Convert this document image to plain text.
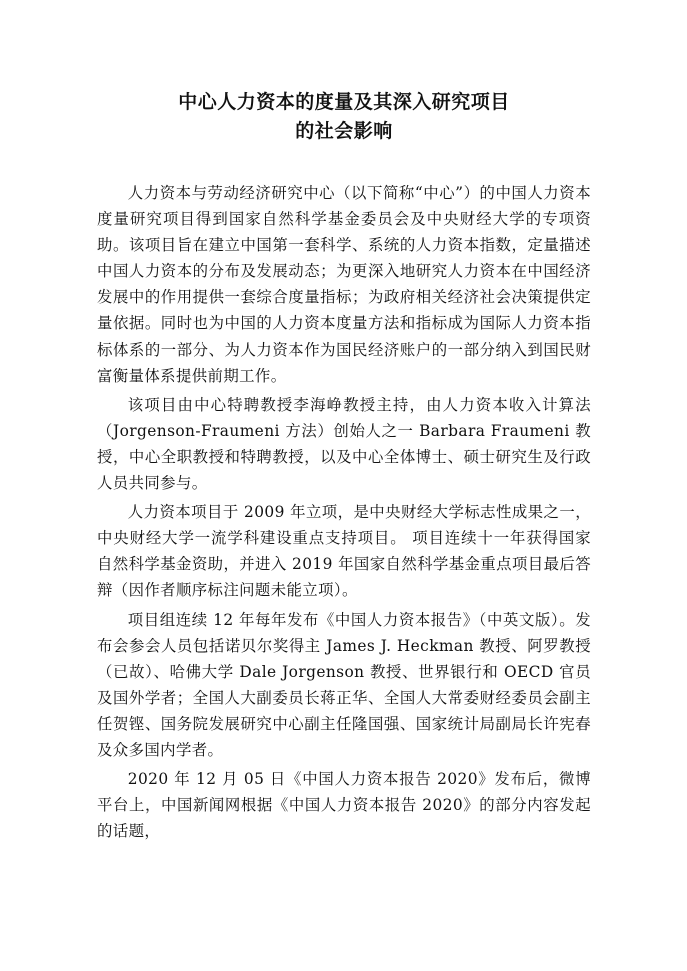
中心人力资本的度量及其深入研究项目
的社会影响

人力资本与劳动经济研究中心（以下简称“中心”）的中国人力资本度量研究项目得到国家自然科学基金委员会及中央财经大学的专项资助。该项目旨在建立中国第一套科学、系统的人力资本指数，定量描述中国人力资本的分布及发展动态；为更深入地研究人力资本在中国经济发展中的作用提供一套综合度量指标；为政府相关经济社会决策提供定量依据。同时也为中国的人力资本度量方法和指标成为国际人力资本指标体系的一部分、为人力资本作为国民经济账户的一部分纳入到国民财富衡量体系提供前期工作。

该项目由中心特聘教授李海峥教授主持，由人力资本收入计算法（Jorgenson-Fraumeni 方法）创始人之一 Barbara Fraumeni 教授，中心全职教授和特聘教授，以及中心全体博士、硕士研究生及行政人员共同参与。

人力资本项目于 2009 年立项，是中央财经大学标志性成果之一，中央财经大学一流学科建设重点支持项目。 项目连续十一年获得国家自然科学基金资助，并进入 2019 年国家自然科学基金重点项目最后答辩（因作者顺序标注问题未能立项）。

项目组连续 12 年每年发布《中国人力资本报告》（中英文版）。发布会参会人员包括诺贝尔奖得主 James J. Heckman 教授、阿罗教授（已故）、哈佛大学 Dale Jorgenson 教授、世界银行和 OECD 官员及国外学者；全国人大副委员长蒋正华、全国人大常委财经委员会副主任贺铿、国务院发展研究中心副主任隆国强、国家统计局副局长许宪春及众多国内学者。

2020 年 12 月 05 日《中国人力资本报告 2020》发布后，微博平台上，中国新闻网根据《中国人力资本报告 2020》的部分内容发起的话题，
